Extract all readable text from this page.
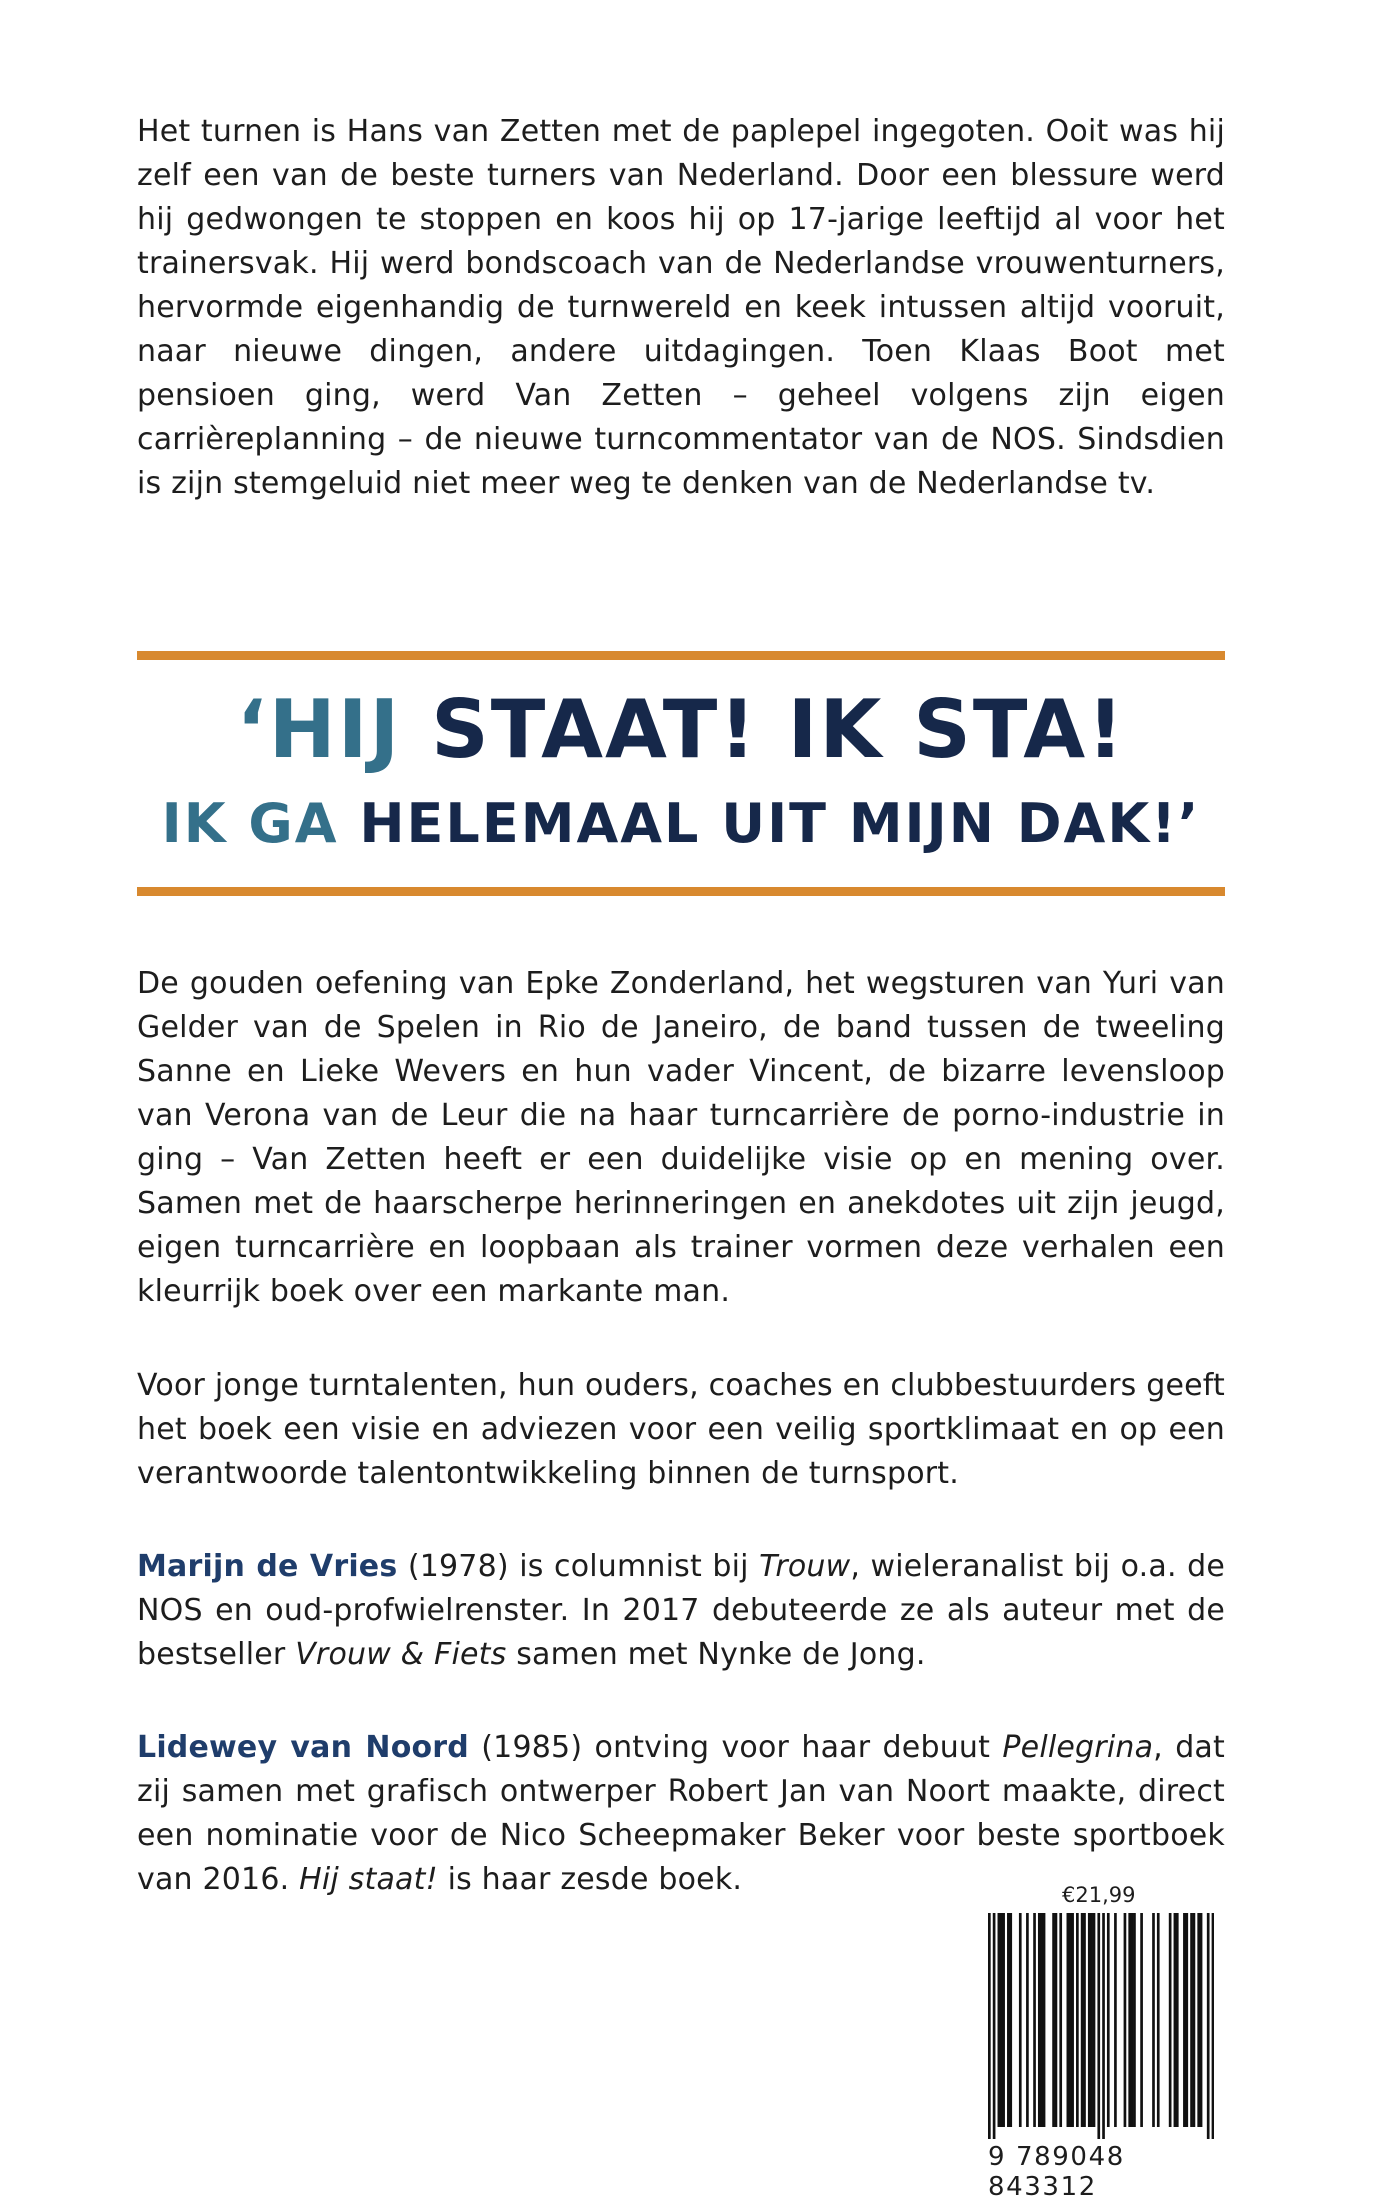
Het turnen is Hans van Zetten met de paplepel ingegoten. Ooit was hij zelf een van de beste turners van Nederland. Door een blessure werd hij gedwongen te stoppen en koos hij op 17-jarige leeftijd al voor het trainersvak. Hij werd bondscoach van de Nederlandse vrouwenturners, hervormde eigenhandig de turnwereld en keek intussen altijd vooruit, naar nieuwe dingen, andere uitdagingen. Toen Klaas Boot met pensioen ging, werd Van Zetten – geheel volgens zijn eigen carrièreplanning – de nieuwe turncommentator van de NOS. Sindsdien is zijn stemgeluid niet meer weg te denken van de Nederlandse tv.

‘HIJ STAAT! IK STA!
IK GA HELEMAAL UIT MIJN DAK!’

De gouden oefening van Epke Zonderland, het wegsturen van Yuri van Gelder van de Spelen in Rio de Janeiro, de band tussen de tweeling Sanne en Lieke Wevers en hun vader Vincent, de bizarre levensloop van Verona van de Leur die na haar turncarrière de porno-industrie in ging – Van Zetten heeft er een duidelijke visie op en mening over. Samen met de haarscherpe herinneringen en anekdotes uit zijn jeugd, eigen turncarrière en loopbaan als trainer vormen deze verhalen een kleurrijk boek over een markante man.

Voor jonge turntalenten, hun ouders, coaches en clubbestuurders geeft het boek een visie en adviezen voor een veilig sportklimaat en op een verantwoorde talentontwikkeling binnen de turnsport.

Marijn de Vries (1978) is columnist bij Trouw, wieleranalist bij o.a. de NOS en oud-profwielrenster. In 2017 debuteerde ze als auteur met de bestseller Vrouw & Fiets samen met Nynke de Jong.

Lidewey van Noord (1985) ontving voor haar debuut Pellegrina, dat zij samen met grafisch ontwerper Robert Jan van Noort maakte, direct een nominatie voor de Nico Scheepmaker Beker voor beste sportboek van 2016. Hij staat! is haar zesde boek.	€21,99
9 789048 843312
